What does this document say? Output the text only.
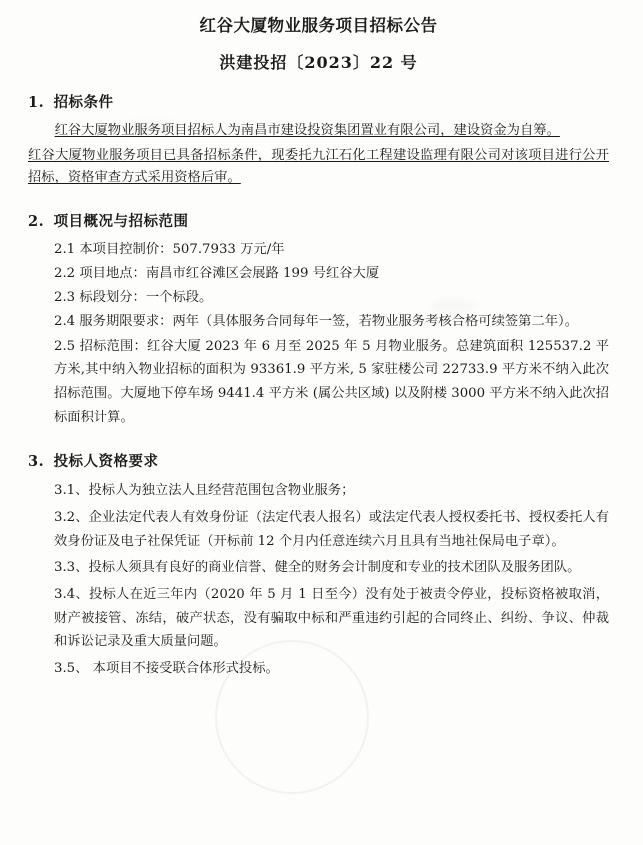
红谷大厦物业服务项目招标公告
洪建投招〔2023〕22 号
1. 招标条件

红谷大厦物业服务项目招标人为南昌市建设投资集团置业有限公司，建设资金为自筹。

红谷大厦物业服务项目已具备招标条件，现委托九江石化工程建设监理有限公司对该项目进行公开招标，资格审查方式采用资格后审。

2. 项目概况与招标范围

2.1 本项目控制价：507.7933 万元/年

2.2 项目地点：南昌市红谷滩区会展路 199 号红谷大厦

2.3 标段划分：一个标段。

2.4 服务期限要求：两年（具体服务合同每年一签，若物业服务考核合格可续签第二年）。

2.5 招标范围：红谷大厦 2023 年 6 月至 2025 年 5 月物业服务。总建筑面积 125537.2 平方米,其中纳入物业招标的面积为 93361.9 平方米, 5 家驻楼公司 22733.9 平方米不纳入此次招标范围。大厦地下停车场 9441.4 平方米 (属公共区域) 以及附楼 3000 平方米不纳入此次招标面积计算。

3. 投标人资格要求

3.1、投标人为独立法人且经营范围包含物业服务；

3.2、企业法定代表人有效身份证（法定代表人报名）或法定代表人授权委托书、授权委托人有效身份证及电子社保凭证（开标前 12 个月内任意连续六月且具有当地社保局电子章）。

3.3、投标人须具有良好的商业信誉、健全的财务会计制度和专业的技术团队及服务团队。

3.4、投标人在近三年内（2020 年 5 月 1 日至今）没有处于被责令停业，投标资格被取消，财产被接管、冻结，破产状态，没有骗取中标和严重违约引起的合同终止、纠纷、争议、仲裁和诉讼记录及重大质量问题。

3.5、 本项目不接受联合体形式投标。
